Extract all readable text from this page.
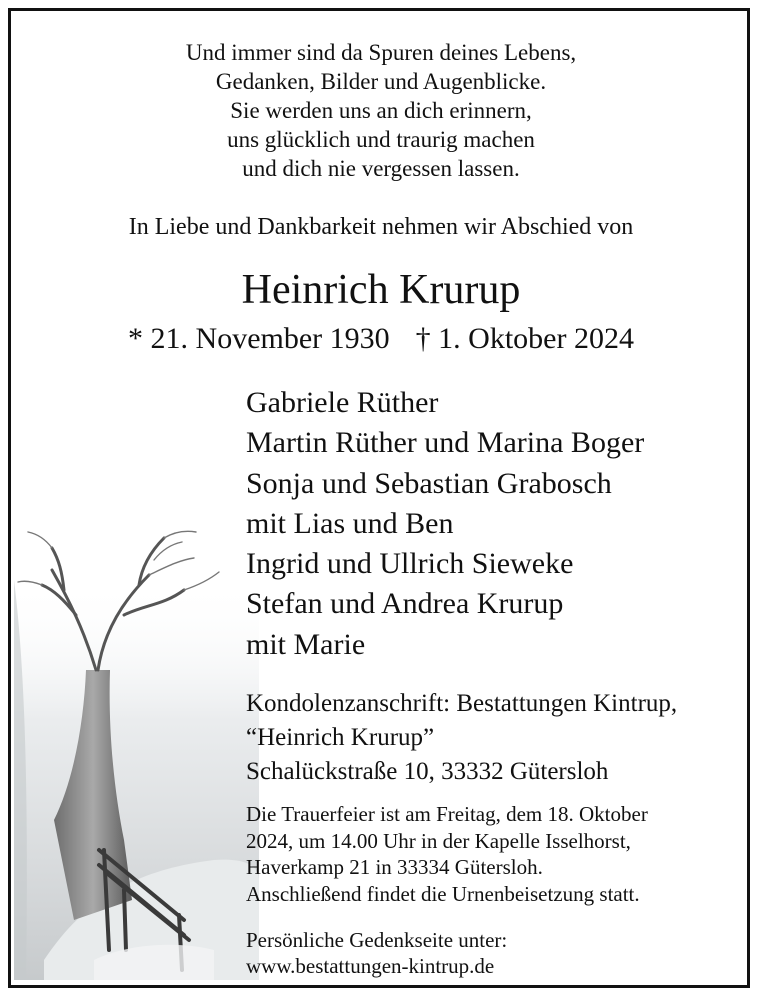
Und immer sind da Spuren deines Lebens,
Gedanken, Bilder und Augenblicke.
Sie werden uns an dich erinnern,
uns glücklich und traurig machen
und dich nie vergessen lassen.
In Liebe und Dankbarkeit nehmen wir Abschied von
Heinrich Krurup
* 21. November 1930 † 1. Oktober 2024
Gabriele Rüther
Martin Rüther und Marina Boger
Sonja und Sebastian Grabosch
mit Lias und Ben
Ingrid und Ullrich Sieweke
Stefan und Andrea Krurup
mit Marie
Kondolenzanschrift: Bestattungen Kintrup,
“Heinrich Krurup”
Schalückstraße 10, 33332 Gütersloh
Die Trauerfeier ist am Freitag, dem 18. Oktober
2024, um 14.00 Uhr in der Kapelle Isselhorst,
Haverkamp 21 in 33334 Gütersloh.
Anschließend findet die Urnenbeisetzung statt.
Persönliche Gedenkseite unter:
www.bestattungen-kintrup.de
